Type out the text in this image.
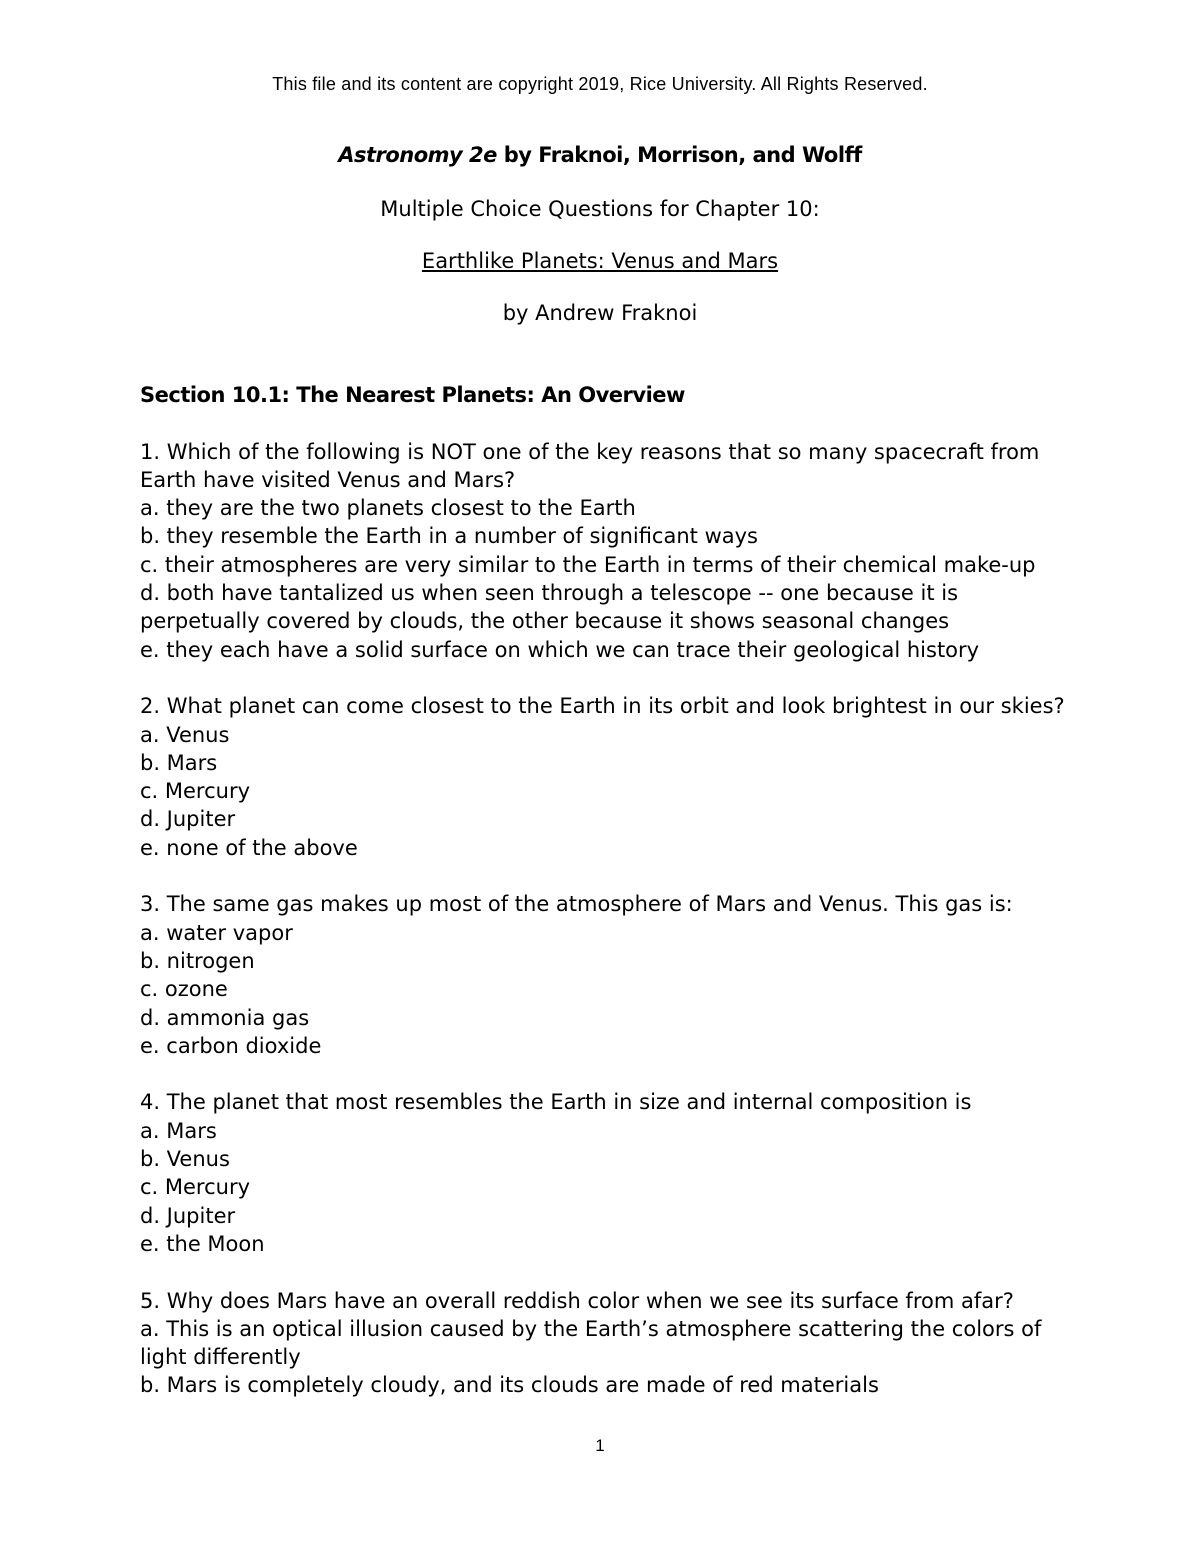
This file and its content are copyright 2019, Rice University. All Rights Reserved.
Astronomy 2e by Fraknoi, Morrison, and Wolff
Multiple Choice Questions for Chapter 10:
Earthlike Planets: Venus and Mars
by Andrew Fraknoi
Section 10.1: The Nearest Planets: An Overview

1. Which of the following is NOT one of the key reasons that so many spacecraft from Earth have visited Venus and Mars?

a. they are the two planets closest to the Earth

b. they resemble the Earth in a number of significant ways

c. their atmospheres are very similar to the Earth in terms of their chemical make-up

d. both have tantalized us when seen through a telescope -- one because it is perpetually covered by clouds, the other because it shows seasonal changes

e. they each have a solid surface on which we can trace their geological history

2. What planet can come closest to the Earth in its orbit and look brightest in our skies?

a. Venus

b. Mars

c. Mercury

d. Jupiter

e. none of the above

3. The same gas makes up most of the atmosphere of Mars and Venus. This gas is:

a. water vapor

b. nitrogen

c. ozone

d. ammonia gas

e. carbon dioxide

4. The planet that most resembles the Earth in size and internal composition is

a. Mars

b. Venus

c. Mercury

d. Jupiter

e. the Moon

5. Why does Mars have an overall reddish color when we see its surface from afar?

a. This is an optical illusion caused by the Earth’s atmosphere scattering the colors of light differently

b. Mars is completely cloudy, and its clouds are made of red materials

1
